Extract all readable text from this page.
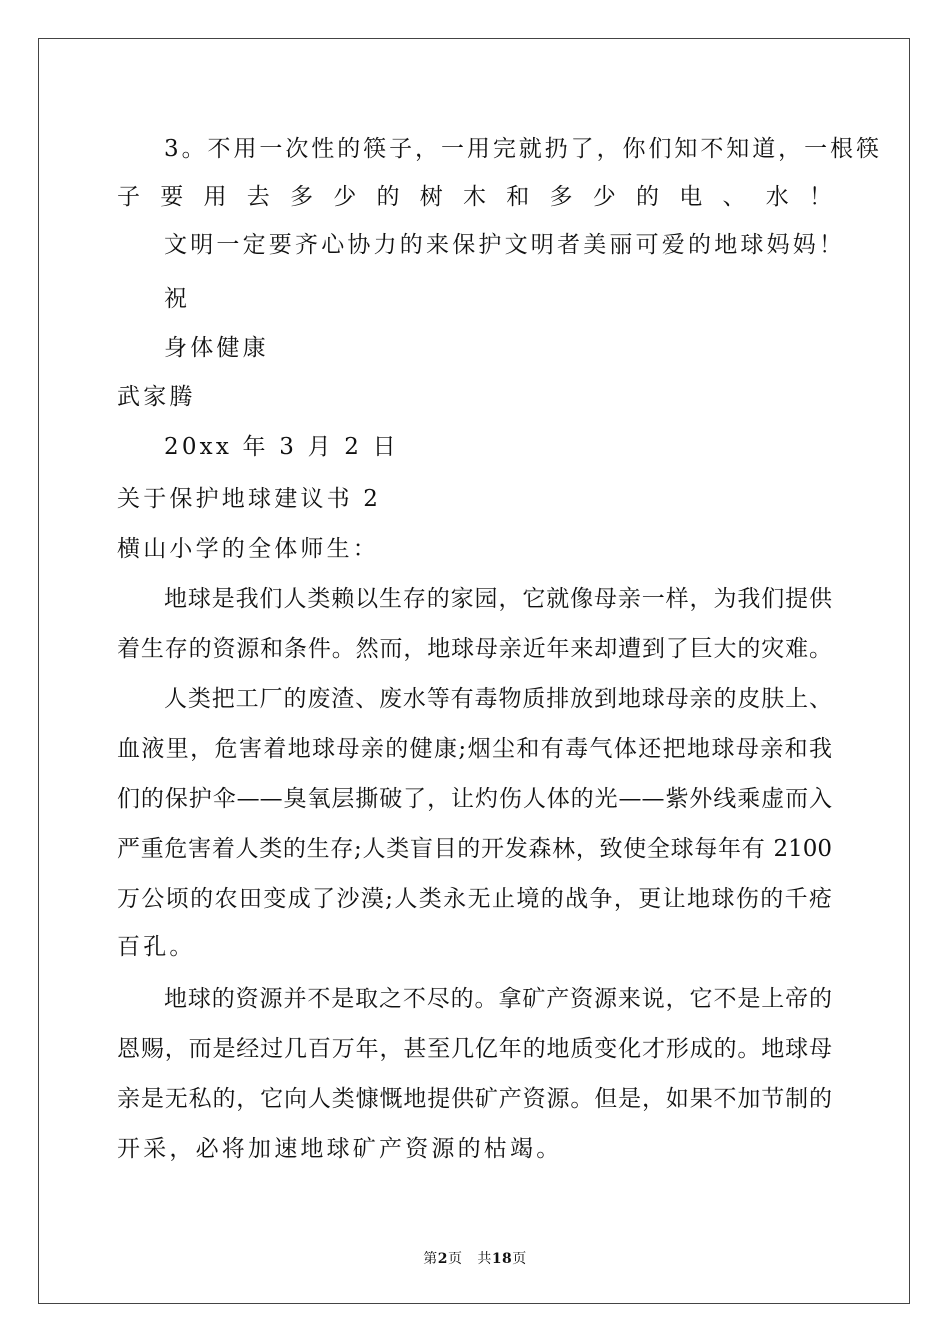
3。不用一次性的筷子，一用完就扔了，你们知不知道，一根筷
子要用去多少的树木和多少的电、水！
文明一定要齐心协力的来保护文明者美丽可爱的地球妈妈！
祝
身体健康
武家腾
20xx 年 3 月 2 日
关于保护地球建议书 2
横山小学的全体师生：
地球是我们人类赖以生存的家园，它就像母亲一样，为我们提供
着生存的资源和条件。然而，地球母亲近年来却遭到了巨大的灾难。
人类把工厂的废渣、废水等有毒物质排放到地球母亲的皮肤上、
血液里，危害着地球母亲的健康;烟尘和有毒气体还把地球母亲和我
们的保护伞——臭氧层撕破了，让灼伤人体的光——紫外线乘虚而入
严重危害着人类的生存;人类盲目的开发森林，致使全球每年有 2100
万公顷的农田变成了沙漠;人类永无止境的战争，更让地球伤的千疮
百孔。
地球的资源并不是取之不尽的。拿矿产资源来说，它不是上帝的
恩赐，而是经过几百万年，甚至几亿年的地质变化才形成的。地球母
亲是无私的，它向人类慷慨地提供矿产资源。但是，如果不加节制的
开采，必将加速地球矿产资源的枯竭。
第2页 共18页
